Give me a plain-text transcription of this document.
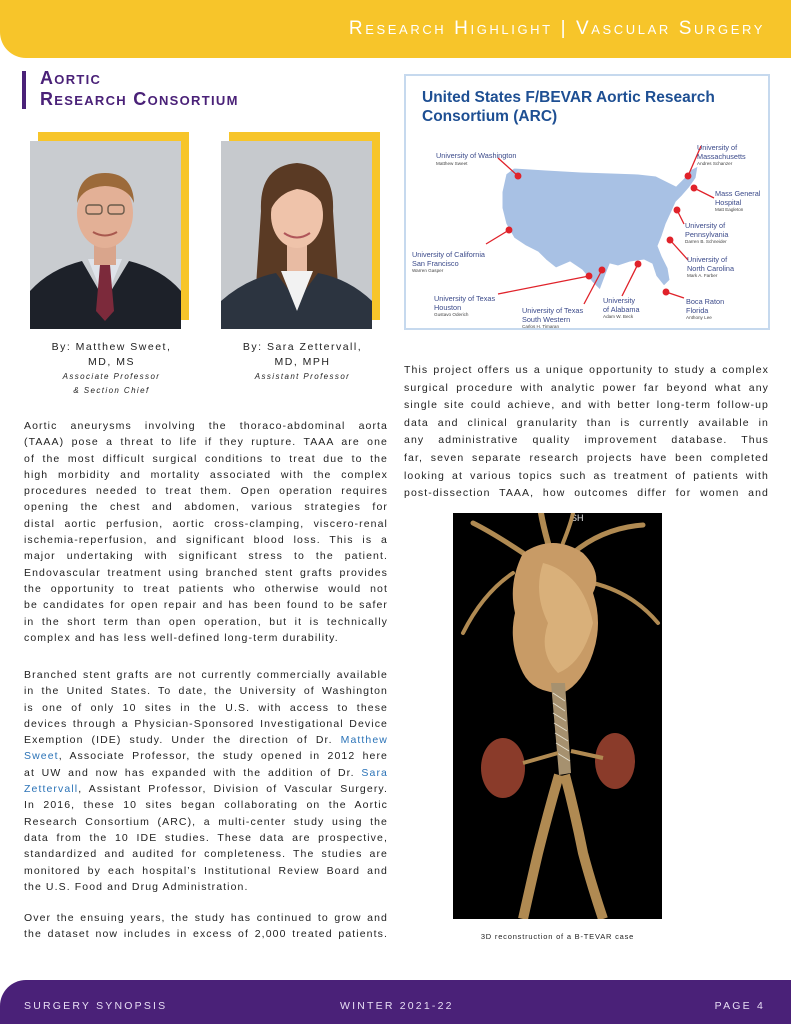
Research Highlight | Vascular Surgery
Aortic
Research Consortium
By: Matthew Sweet,
MD, MS
Associate Professor
& Section Chief
By: Sara Zettervall,
MD, MPH
Assistant Professor
Aortic aneurysms involving the thoraco-abdominal aorta
(TAAA) pose a threat to life if they rupture. TAAA are one
of the most difficult surgical conditions to treat due to the
high morbidity and mortality associated with the complex
procedures needed to treat them. Open operation requires
opening the chest and abdomen, various strategies for
distal aortic perfusion, aortic cross-clamping, viscero-renal
ischemia-reperfusion, and significant blood loss. This is a
major undertaking with significant stress to the patient.
Endovascular treatment using branched stent grafts provides
the opportunity to treat patients who otherwise would not
be candidates for open repair and has been found to be safer
in the short term than open operation, but it is technically
complex and has less well-defined long-term durability.
Branched stent grafts are not currently commercially available
in the United States. To date, the University of Washington
is one of only 10 sites in the U.S. with access to these
devices through a Physician-Sponsored Investigational Device
Exemption (IDE) study. Under the direction of Dr. Matthew
Sweet, Associate Professor, the study opened in 2012 here
at UW and now has expanded with the addition of Dr. Sara
Zettervall, Assistant Professor, Division of Vascular Surgery.
In 2016, these 10 sites began collaborating on the Aortic
Research Consortium (ARC), a multi-center study using the
data from the 10 IDE studies. These data are prospective,
standardized and audited for completeness. The studies are
monitored by each hospital’s Institutional Review Board and
the U.S. Food and Drug Administration.
Over the ensuing years, the study has continued to grow and
the dataset now includes in excess of 2,000 treated patients.
United States F/BEVAR Aortic Research
Consortium (ARC)
University of Washington
Matthew Sweet
University of
Massachusetts
Andres Schanzer
Mass General
Hospital
Matt Eagleton
University of
Pennsylvania
Darren B. Schneider
University of California
San Francisco
Warren Gasper
University of
North Carolina
Mark A. Farber
University of Texas
Houston
Gustavo Oderich	University of Texas
South Western
Carlos H. Timaran
University
of Alabama
Adam W. Beck
Boca Raton
Florida
Anthony Lee
This project offers us a unique opportunity to study a complex
surgical procedure with analytic power far beyond what any
single site could achieve, and with better long-term follow-up
data and clinical granularity than is currently available in
any administrative quality improvement database. Thus
far, seven separate research projects have been completed
looking at various topics such as treatment of patients with
post-dissection TAAA, how outcomes differ for women and
SH
3D reconstruction of a B-TEVAR case
SURGERY SYNOPSIS	WINTER 2021-22	PAGE 4
